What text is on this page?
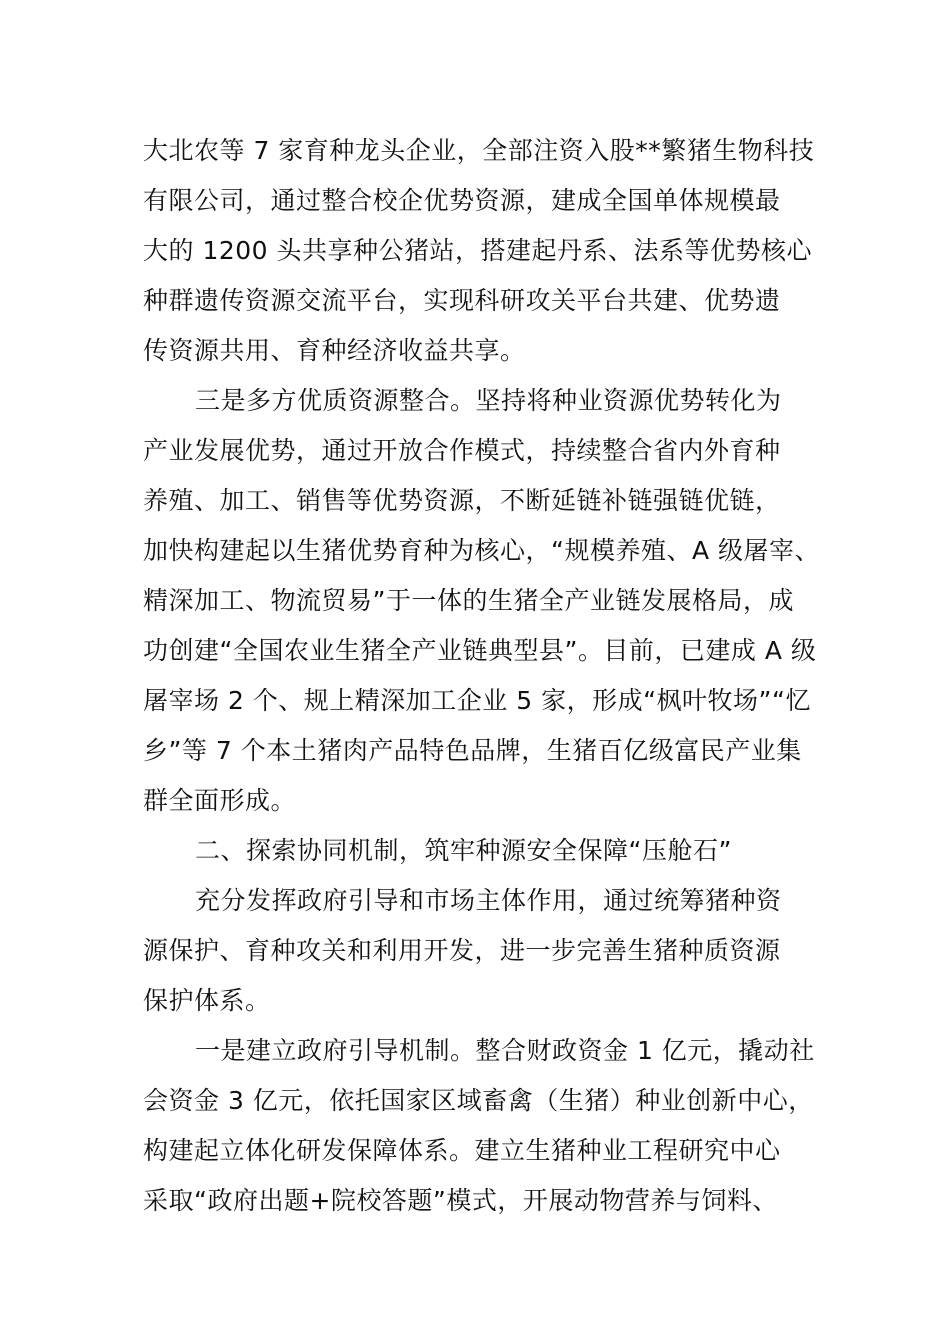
大北农等 7 家育种龙头企业，全部注资入股**繁猪生物科技
有限公司，通过整合校企优势资源，建成全国单体规模最
大的 1200 头共享种公猪站，搭建起丹系、法系等优势核心
种群遗传资源交流平台，实现科研攻关平台共建、优势遗
传资源共用、育种经济收益共享。
三是多方优质资源整合。坚持将种业资源优势转化为
产业发展优势，通过开放合作模式，持续整合省内外育种
养殖、加工、销售等优势资源，不断延链补链强链优链，
加快构建起以生猪优势育种为核心，“规模养殖、A 级屠宰、
精深加工、物流贸易”于一体的生猪全产业链发展格局，成
功创建“全国农业生猪全产业链典型县”。目前，已建成 A 级
屠宰场 2 个、规上精深加工企业 5 家，形成“枫叶牧场”“忆
乡”等 7 个本土猪肉产品特色品牌，生猪百亿级富民产业集
群全面形成。
二、探索协同机制，筑牢种源安全保障“压舱石”
充分发挥政府引导和市场主体作用，通过统筹猪种资
源保护、育种攻关和利用开发，进一步完善生猪种质资源
保护体系。
一是建立政府引导机制。整合财政资金 1 亿元，撬动社
会资金 3 亿元，依托国家区域畜禽（生猪）种业创新中心，
构建起立体化研发保障体系。建立生猪种业工程研究中心
采取“政府出题+院校答题”模式，开展动物营养与饲料、
